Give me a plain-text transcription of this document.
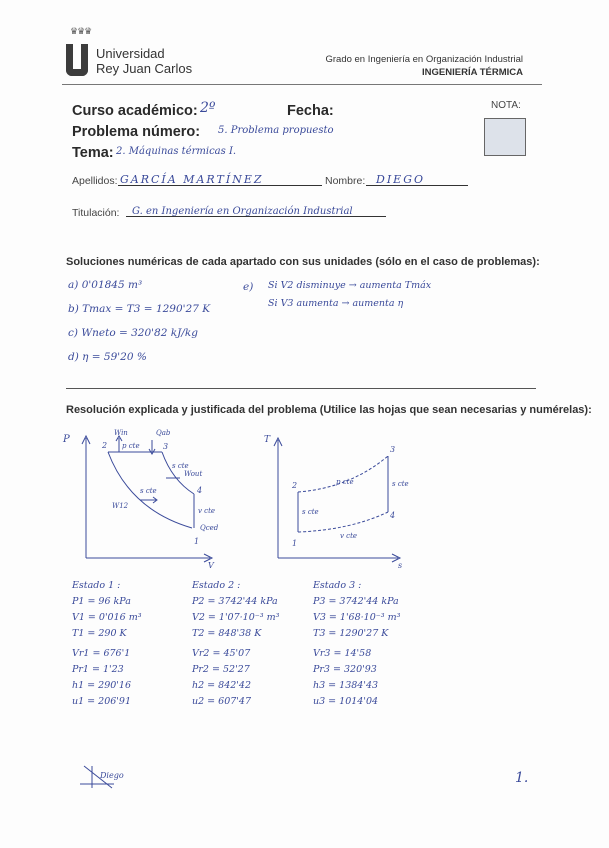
♛♛♛
Universidad
Rey Juan Carlos
Grado en Ingeniería en Organización Industrial
INGENIERÍA TÉRMICA
Curso académico: 2º	Fecha:
Problema número: 5. Problema propuesto
Tema: 2. Máquinas térmicas I.
Apellidos: GARCÍA MARTÍNEZ	Nombre: DIEGO
Titulación:	G. en Ingeniería en Organización Industrial
NOTA:
Soluciones numéricas de cada apartado con sus unidades (sólo en el caso de problemas):
a) 0'01845 m³
b) Tmax = T3 = 1290'27 K
c) Wneto = 320'82 kJ/kg
d) η = 59'20 %
e) Si V2 disminuye → aumenta Tmáx
Si V3 aumenta → aumenta η
Resolución explicada y justificada del problema (Utilice las hojas que sean necesarias y numérelas):
P
2	3
4
1
V
Win
p cte
Qab
s cte
Wout
s cte
W12
v cte
Qced
T
2
3
4
1
s
p cte	s cte
s cte
v cte
Estado 1 :
P1 = 96 kPa
V1 = 0'016 m³
T1 = 290 K
Vr1 = 676'1
Pr1 = 1'23
h1 = 290'16
u1 = 206'91
Estado 2 :
P2 = 3742'44 kPa
V2 = 1'07·10⁻³ m³
T2 = 848'38 K
Vr2 = 45'07
Pr2 = 52'27
h2 = 842'42
u2 = 607'47
Estado 3 :
P3 = 3742'44 kPa
V3 = 1'68·10⁻³ m³
T3 = 1290'27 K
Vr3 = 14'58
Pr3 = 320'93
h3 = 1384'43
u3 = 1014'04
Diego	1.
